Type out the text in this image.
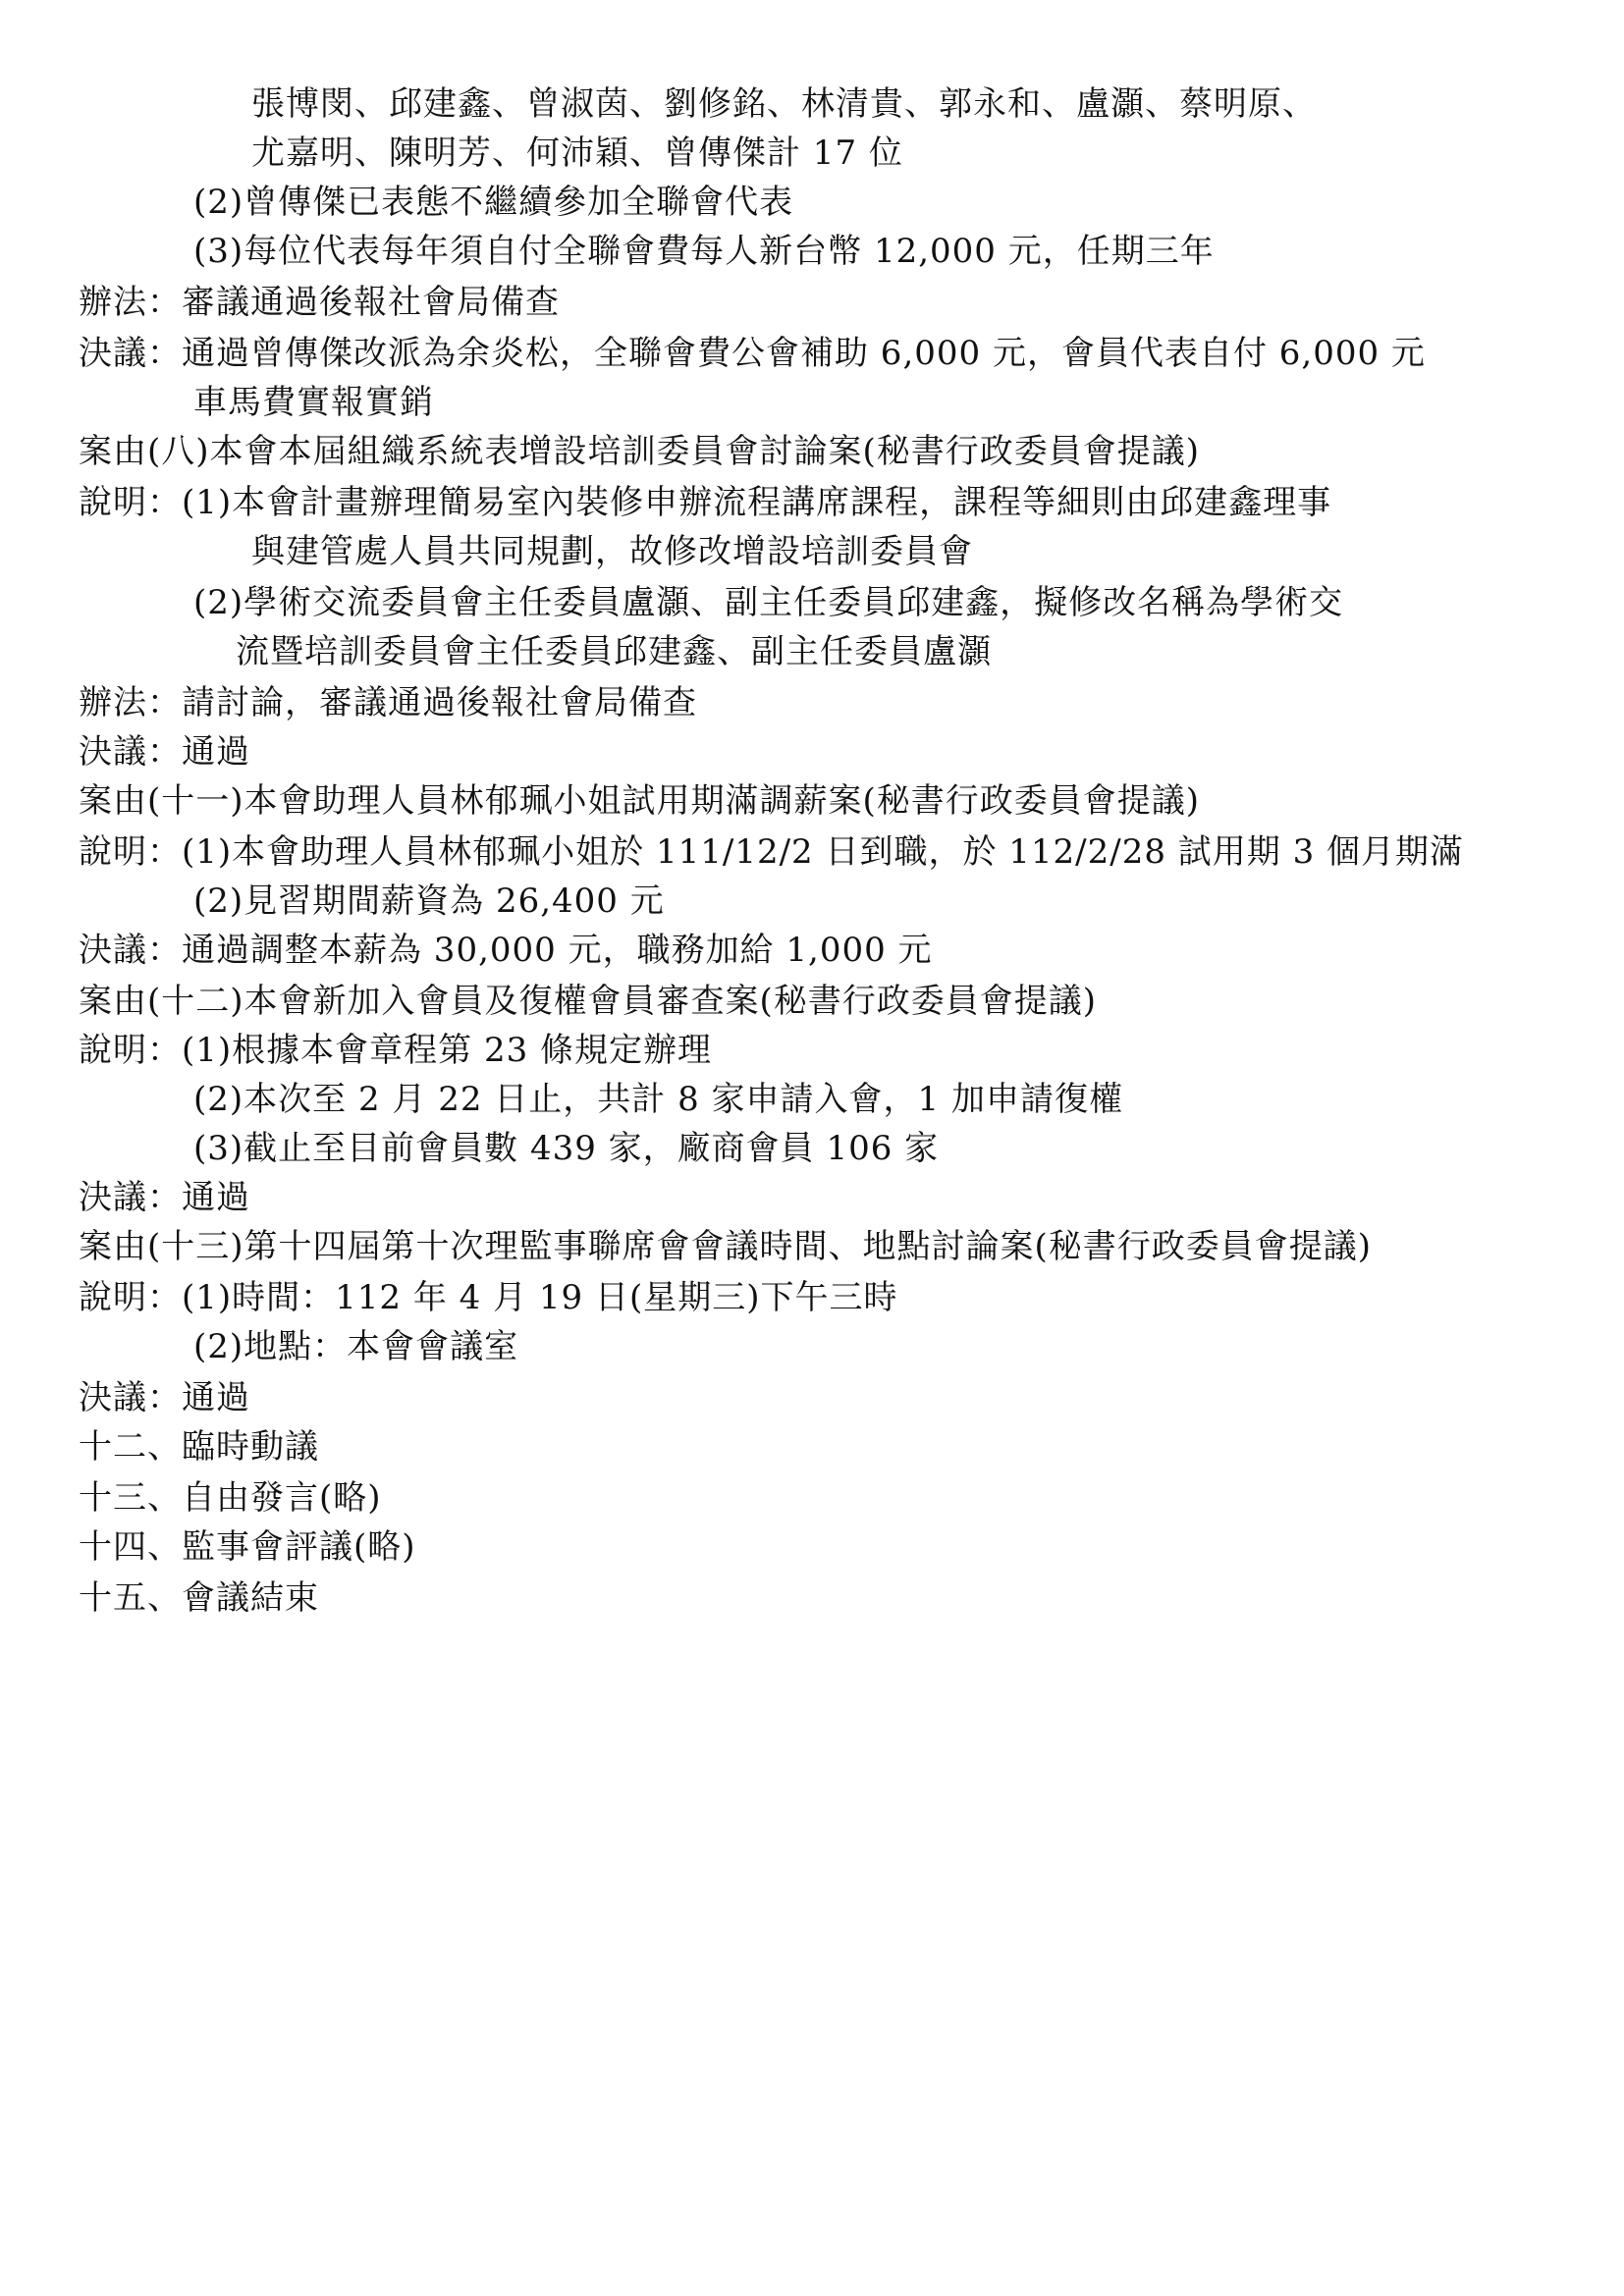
張博閔、邱建鑫、曾淑茵、劉修銘、林清貴、郭永和、盧灝、蔡明原、
尤嘉明、陳明芳、何沛穎、曾傳傑計 17 位
(2)曾傳傑已表態不繼續參加全聯會代表
(3)每位代表每年須自付全聯會費每人新台幣 12,000 元，任期三年
辦法：審議通過後報社會局備查
決議：通過曾傳傑改派為余炎松，全聯會費公會補助 6,000 元，會員代表自付 6,000 元
車馬費實報實銷
案由(八)本會本屆組織系統表增設培訓委員會討論案(秘書行政委員會提議)
說明：(1)本會計畫辦理簡易室內裝修申辦流程講席課程，課程等細則由邱建鑫理事
與建管處人員共同規劃，故修改增設培訓委員會
(2)學術交流委員會主任委員盧灝、副主任委員邱建鑫，擬修改名稱為學術交
流暨培訓委員會主任委員邱建鑫、副主任委員盧灝
辦法：請討論，審議通過後報社會局備查
決議：通過
案由(十一)本會助理人員林郁珮小姐試用期滿調薪案(秘書行政委員會提議)
說明：(1)本會助理人員林郁珮小姐於 111/12/2 日到職，於 112/2/28 試用期 3 個月期滿
(2)見習期間薪資為 26,400 元
決議：通過調整本薪為 30,000 元，職務加給 1,000 元
案由(十二)本會新加入會員及復權會員審查案(秘書行政委員會提議)
說明：(1)根據本會章程第 23 條規定辦理
(2)本次至 2 月 22 日止，共計 8 家申請入會，1 加申請復權
(3)截止至目前會員數 439 家，廠商會員 106 家
決議：通過
案由(十三)第十四屆第十次理監事聯席會會議時間、地點討論案(秘書行政委員會提議)
說明：(1)時間：112 年 4 月 19 日(星期三)下午三時
(2)地點：本會會議室
決議：通過
十二、臨時動議
十三、自由發言(略)
十四、監事會評議(略)
十五、會議結束
